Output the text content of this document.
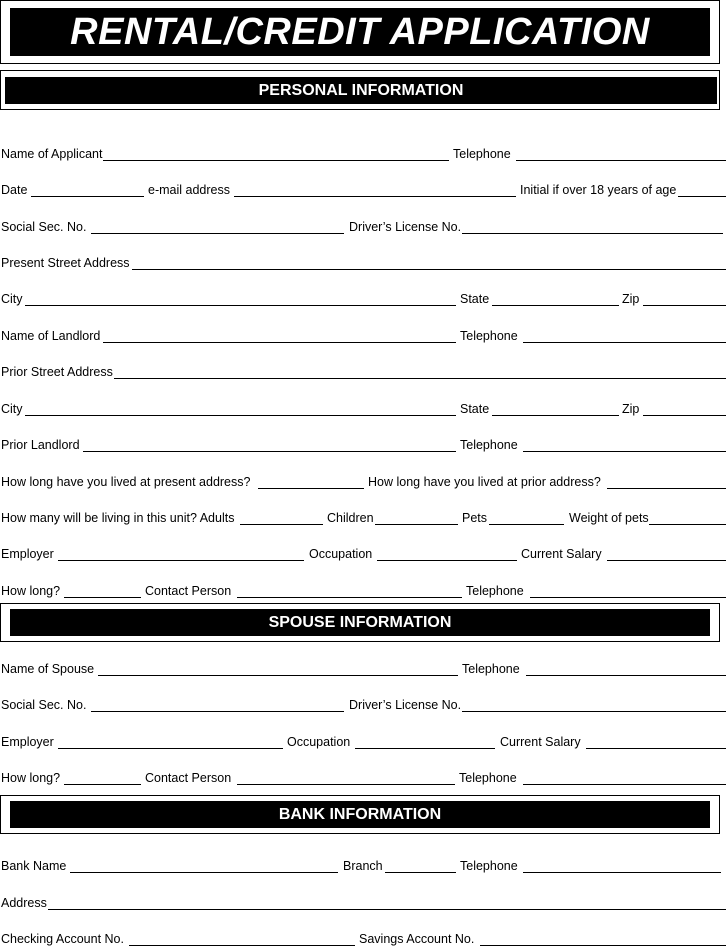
RENTAL/CREDIT APPLICATION
PERSONAL INFORMATION
Name of Applicant	Telephone
Date	e-mail address	Initial if over 18 years of age
Social Sec. No.	Driver’s License No.
Present Street Address
City	State	Zip
Name of Landlord	Telephone
Prior Street Address
City	State	Zip
Prior Landlord	Telephone
How long have you lived at present address?	How long have you lived at prior address?
How many will be living in this unit? Adults	Children	Pets	Weight of pets
Employer	Occupation	Current Salary
How long?	Contact Person	Telephone
SPOUSE INFORMATION
Name of Spouse	Telephone
Social Sec. No.	Driver’s License No.
Employer	Occupation	Current Salary
How long?	Contact Person	Telephone
BANK INFORMATION
Bank Name	Branch	Telephone
Address
Checking Account No.	Savings Account No.
